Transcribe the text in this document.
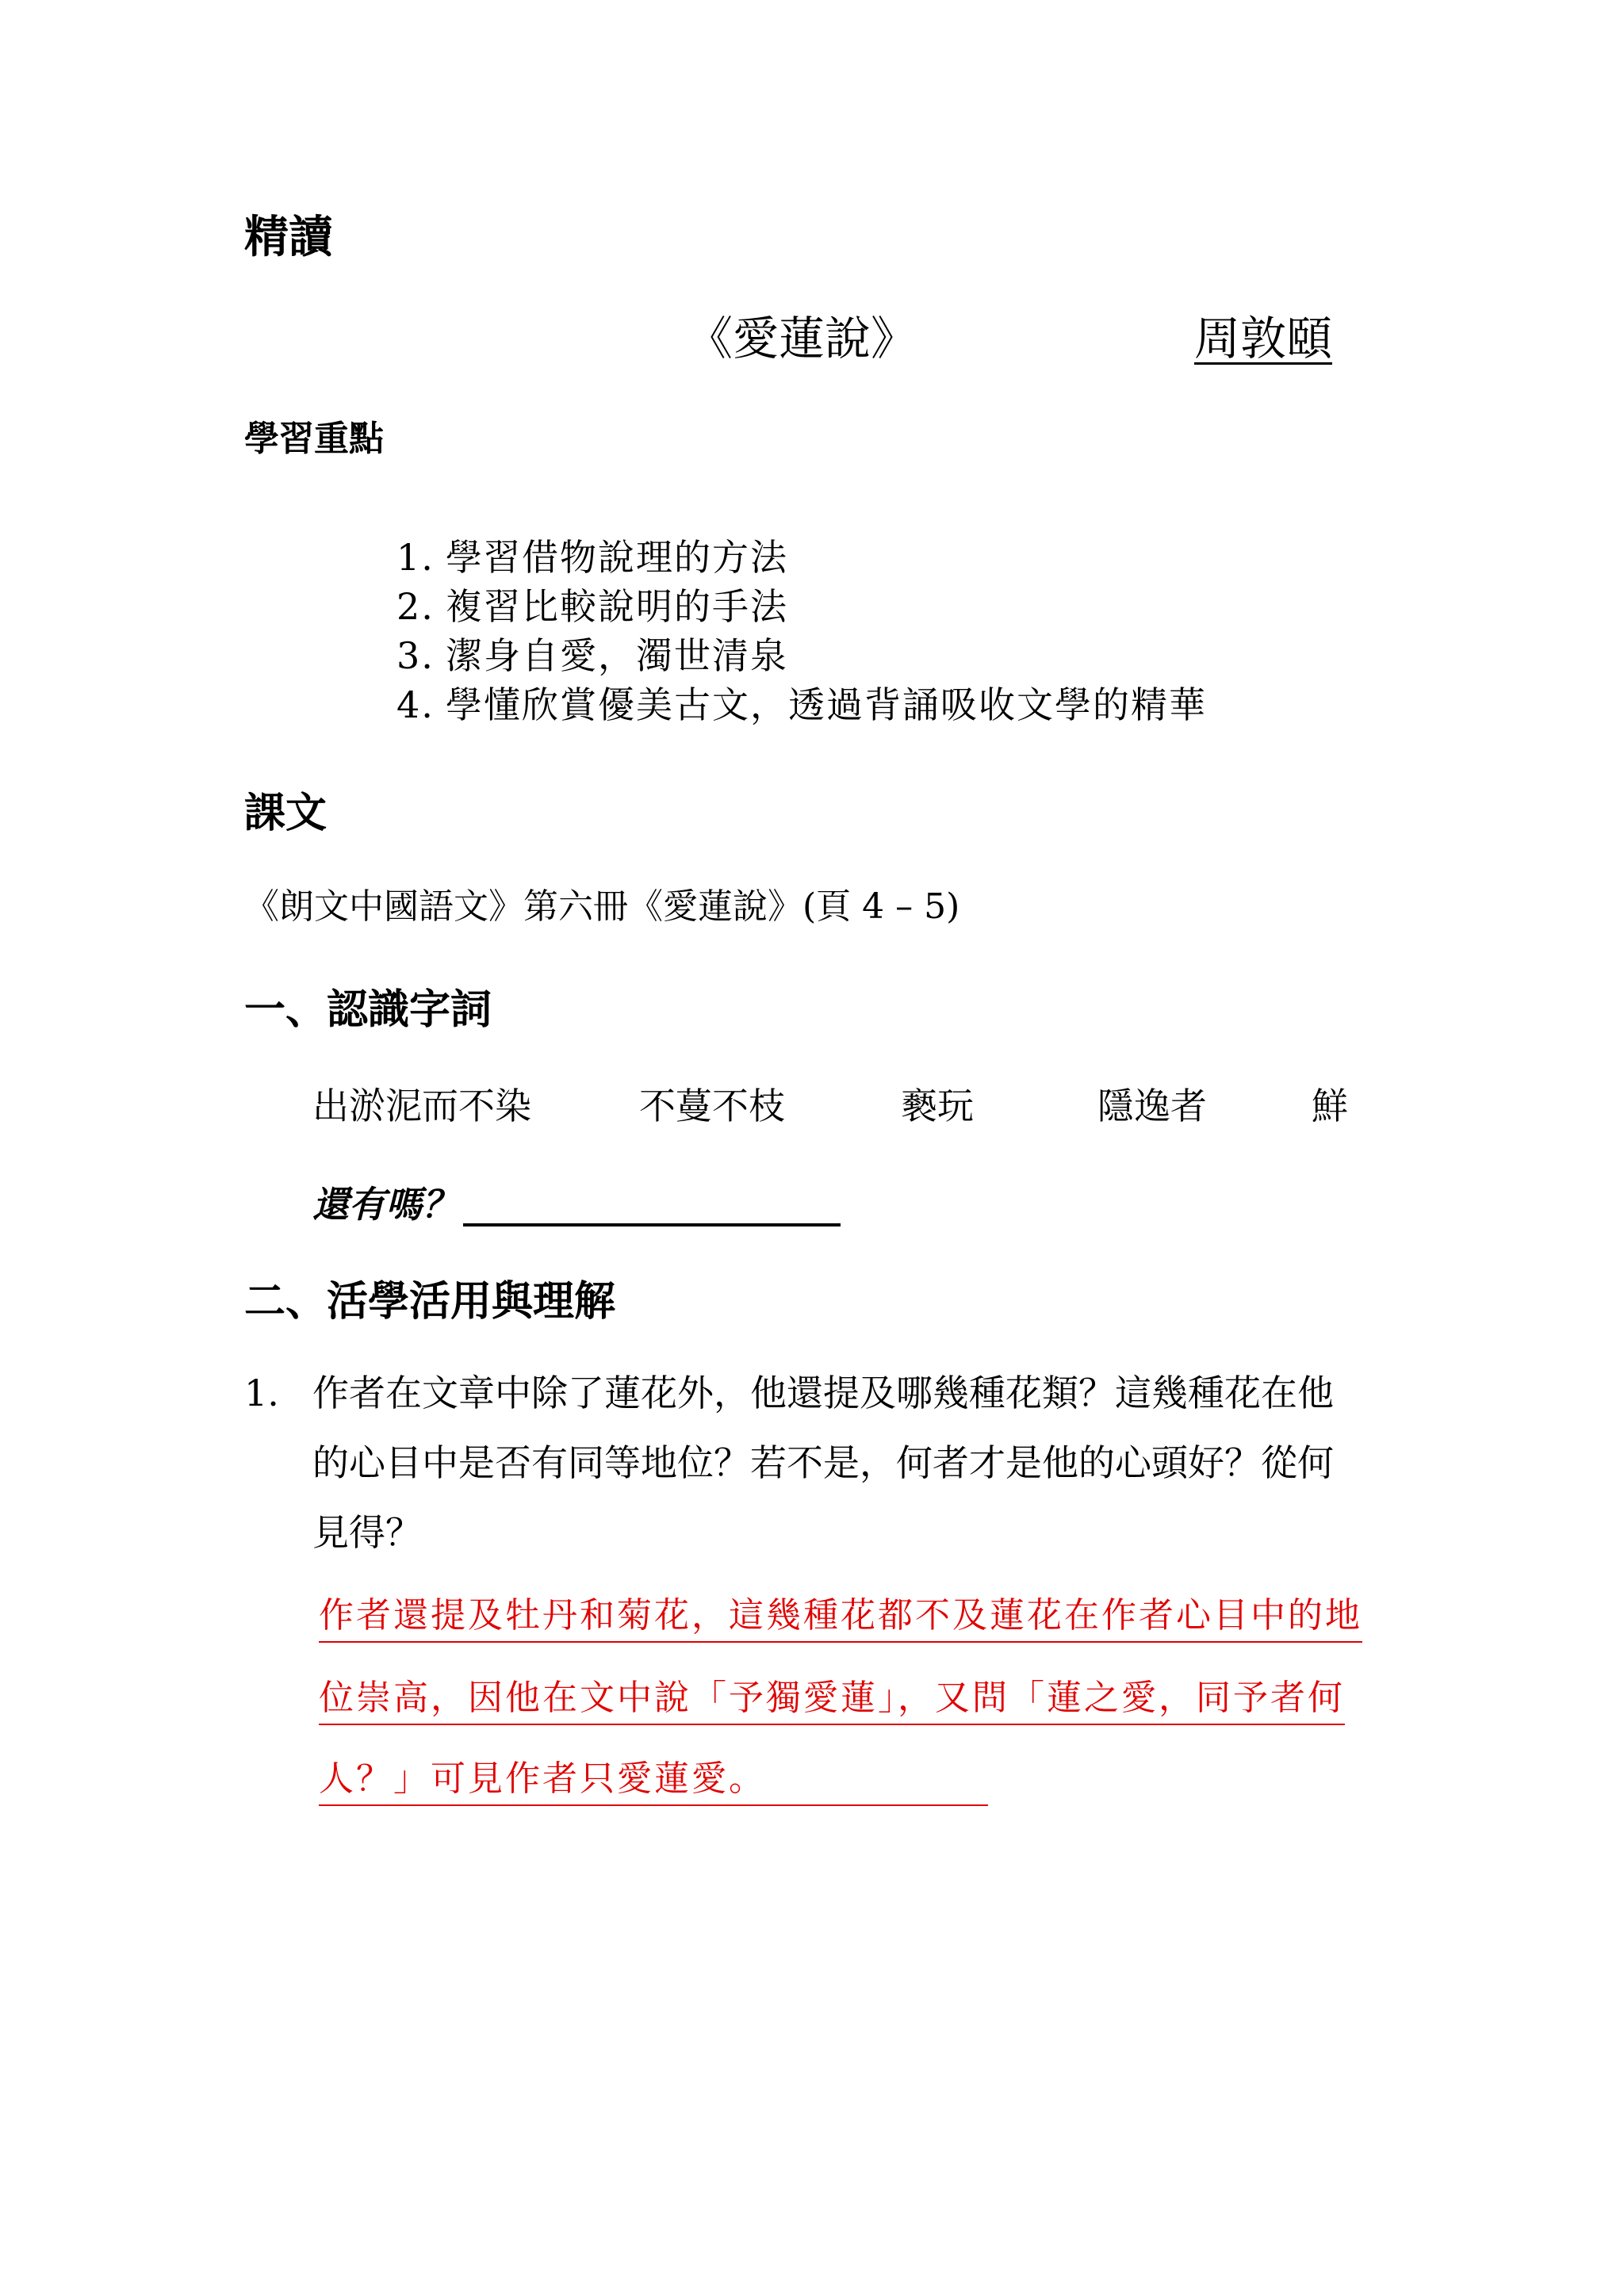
精讀
《愛蓮說》	周敦頤
學習重點
1. 學習借物說理的方法
2. 複習比較說明的手法
3. 潔身自愛，濁世清泉
4. 學懂欣賞優美古文，透過背誦吸收文學的精華
課文
《朗文中國語文》第六冊《愛蓮說》(頁 4 – 5)
一、認識字詞
出淤泥而不染	不蔓不枝	褻玩	隱逸者	鮮
還有嗎？
二、活學活用與理解
1. 作者在文章中除了蓮花外，他還提及哪幾種花類？這幾種花在他
的心目中是否有同等地位？若不是，何者才是他的心頭好？從何
見得？
作者還提及牡丹和菊花，這幾種花都不及蓮花在作者心目中的地
位崇高，因他在文中說「予獨愛蓮」，又問「蓮之愛，同予者何
人？」可見作者只愛蓮愛。
